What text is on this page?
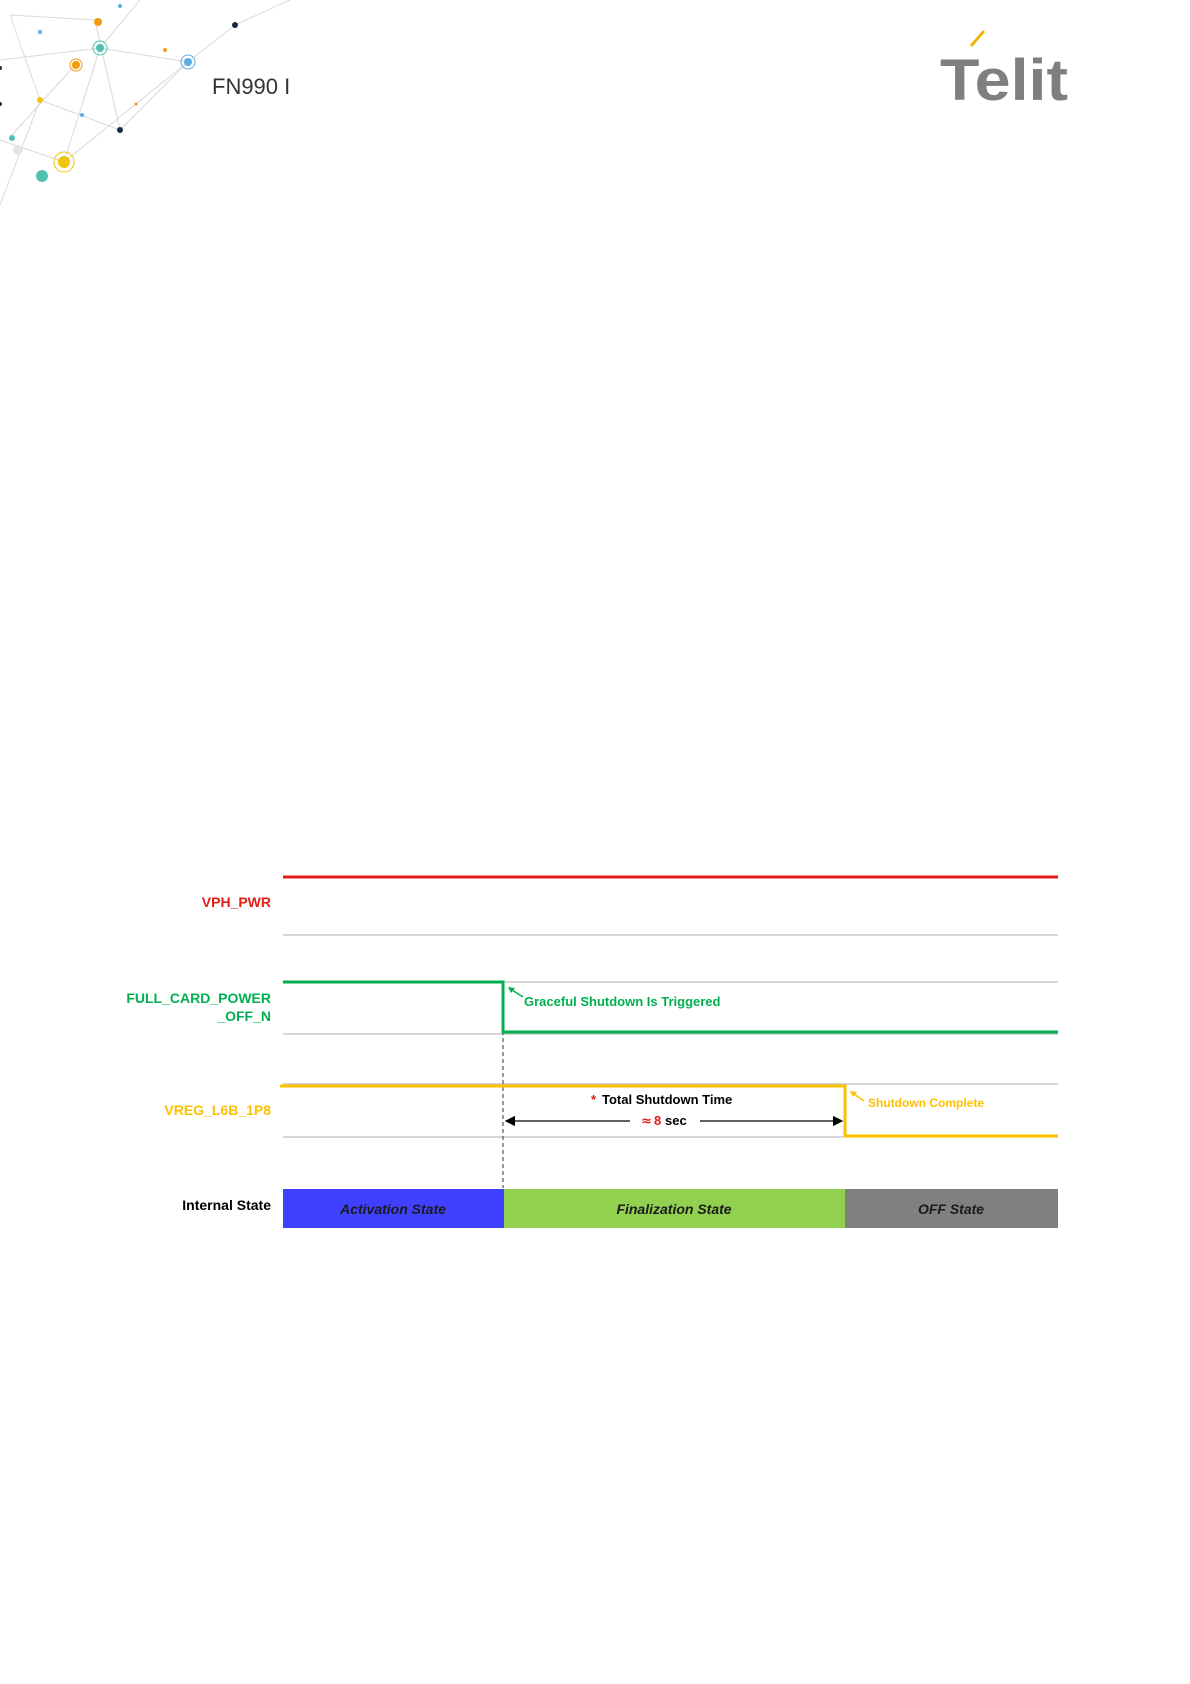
FN990 I	Telit
Graceful Shutdown Is Triggered
* Total Shutdown Time
≈ 8 sec
Shutdown Complete
VPH_PWR
FULL_CARD_POWER
_OFF_N
VREG_L6B_1P8
Internal State	Activation State	Finalization State	OFF State
